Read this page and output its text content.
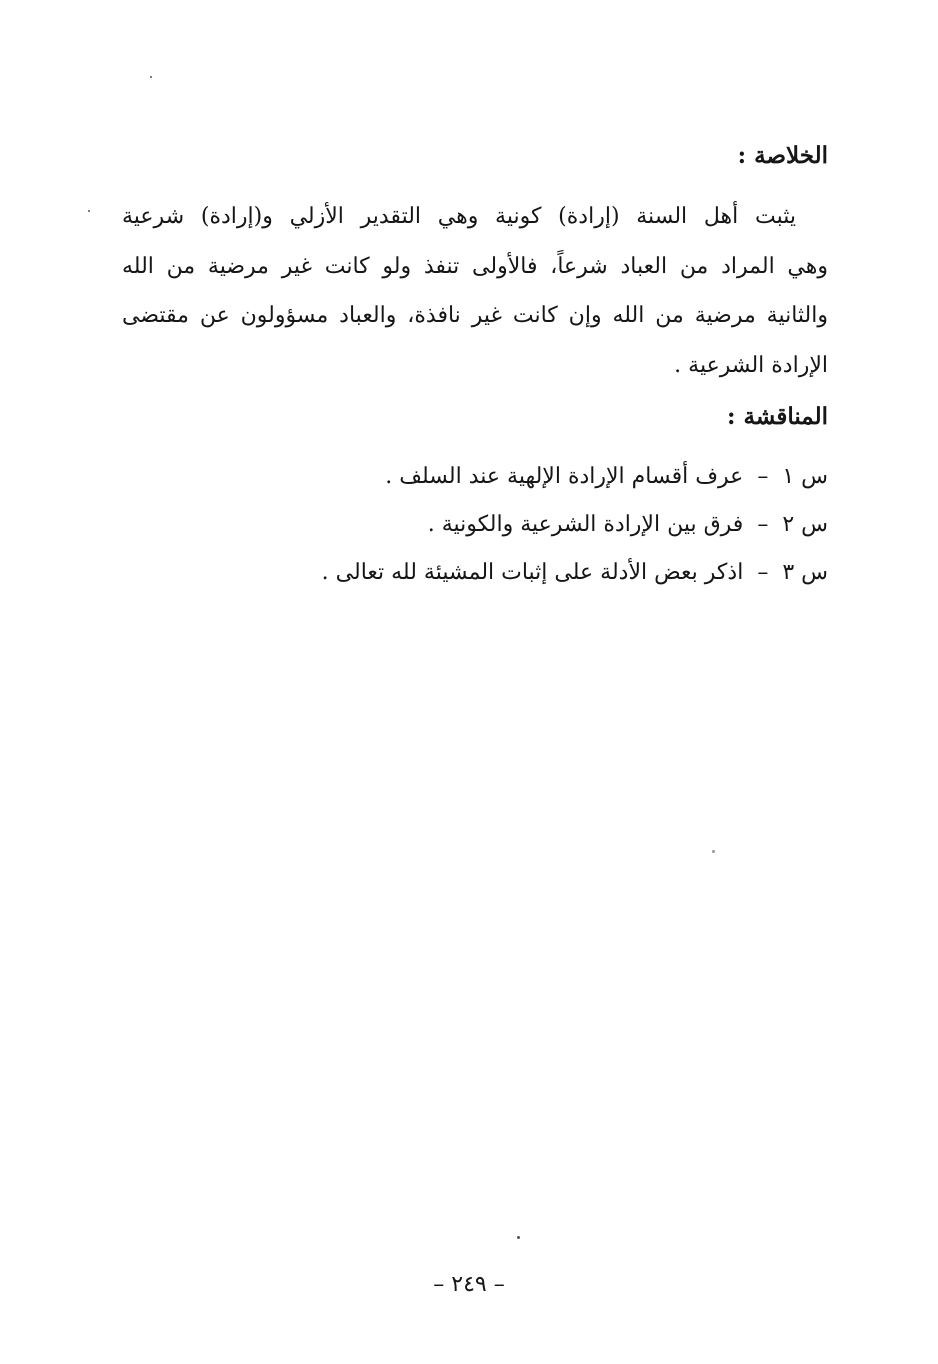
الخلاصة :
يثبت أهل السنة (إرادة) كونية وهي التقدير الأزلي و(إرادة) شرعية
وهي المراد من العباد شرعاً، فالأولى تنفذ ولو كانت غير مرضية من الله
والثانية مرضية من الله وإن كانت غير نافذة، والعباد مسؤولون عن مقتضى
الإرادة الشرعية .
المناقشة :
س ١–عرف أقسام الإرادة الإلهية عند السلف .
س ٢–فرق بين الإرادة الشرعية والكونية .
س ٣–اذكر بعض الأدلة على إثبات المشيئة لله تعالى .
– ٢٤٩ –
